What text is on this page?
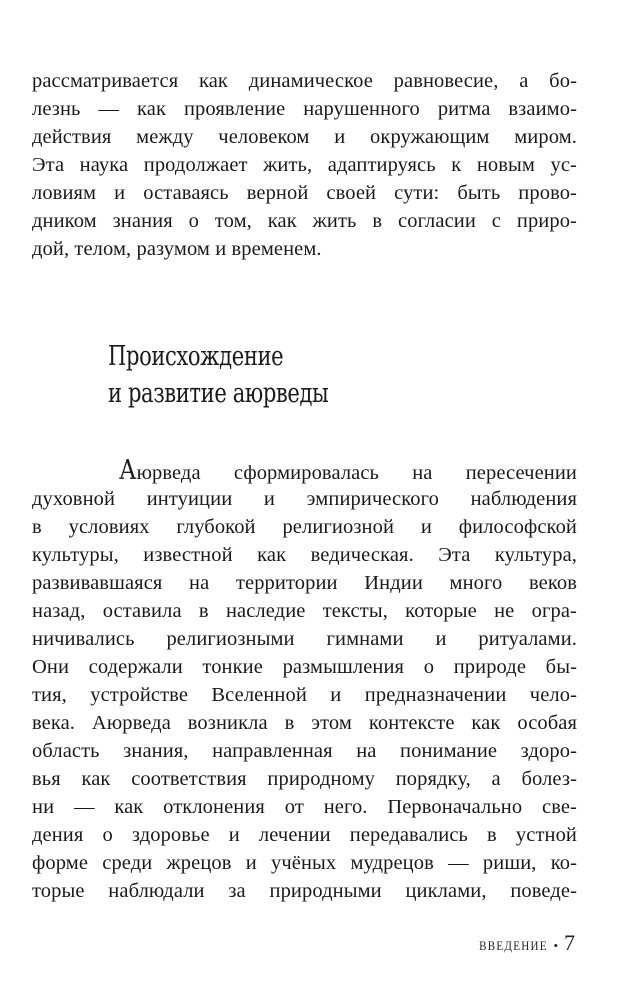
рассматривается как динамическое равновесие, а бо-
лезнь — как проявление нарушенного ритма взаимо-
действия между человеком и окружающим миром.
Эта наука продолжает жить, адаптируясь к новым ус-
ловиям и оставаясь верной своей сути: быть прово-
дником знания о том, как жить в согласии с приро-
дой, телом, разумом и временем.
Происхождение
и развитие аюрведы
Аюрведа сформировалась на пересечении
духовной интуиции и эмпирического наблюдения
в условиях глубокой религиозной и философской
культуры, известной как ведическая. Эта культура,
развивавшаяся на территории Индии много веков
назад, оставила в наследие тексты, которые не огра-
ничивались религиозными гимнами и ритуалами.
Они содержали тонкие размышления о природе бы-
тия, устройстве Вселенной и предназначении чело-
века. Аюрведа возникла в этом контексте как особая
область знания, направленная на понимание здоро-
вья как соответствия природному порядку, а болез-
ни — как отклонения от него. Первоначально све-
дения о здоровье и лечении передавались в устной
форме среди жрецов и учёных мудрецов — риши, ко-
торые наблюдали за природными циклами, поведе-
ВВЕДЕНИЕ • 7
